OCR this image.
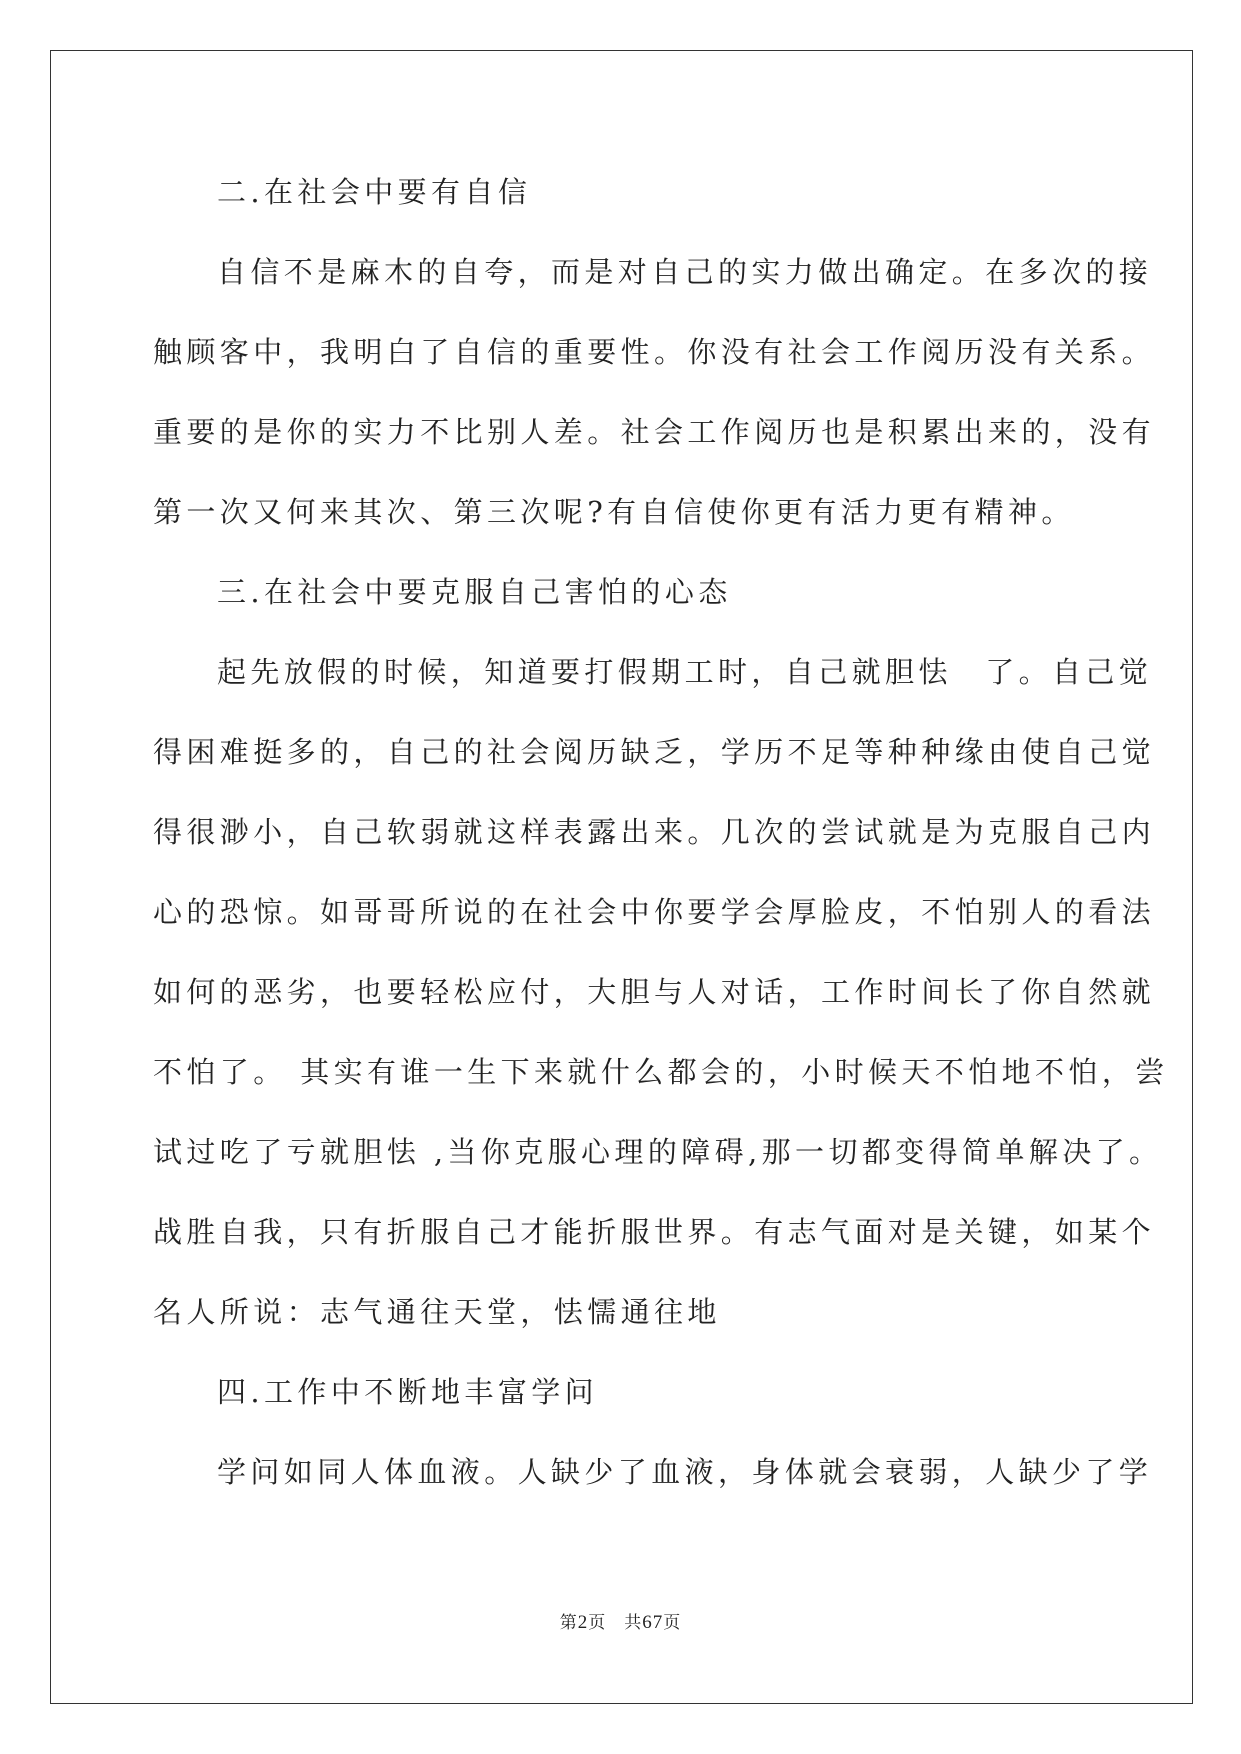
二.在社会中要有自信
自信不是麻木的自夸，而是对自己的实力做出确定。在多次的接
触顾客中，我明白了自信的重要性。你没有社会工作阅历没有关系。
重要的是你的实力不比别人差。社会工作阅历也是积累出来的，没有
第一次又何来其次、第三次呢?有自信使你更有活力更有精神。
三.在社会中要克服自己害怕的心态
起先放假的时候，知道要打假期工时，自己就胆怯　了。自己觉
得困难挺多的，自己的社会阅历缺乏，学历不足等种种缘由使自己觉
得很渺小，自己软弱就这样表露出来。几次的尝试就是为克服自己内
心的恐惊。如哥哥所说的在社会中你要学会厚脸皮，不怕别人的看法
如何的恶劣，也要轻松应付，大胆与人对话，工作时间长了你自然就
不怕了。 其实有谁一生下来就什么都会的，小时候天不怕地不怕，尝
试过吃了亏就胆怯 ,当你克服心理的障碍,那一切都变得简单解决了。
战胜自我，只有折服自己才能折服世界。有志气面对是关键，如某个
名人所说：志气通往天堂，怯懦通往地
四.工作中不断地丰富学问
学问如同人体血液。人缺少了血液，身体就会衰弱，人缺少了学
第2页 共67页
